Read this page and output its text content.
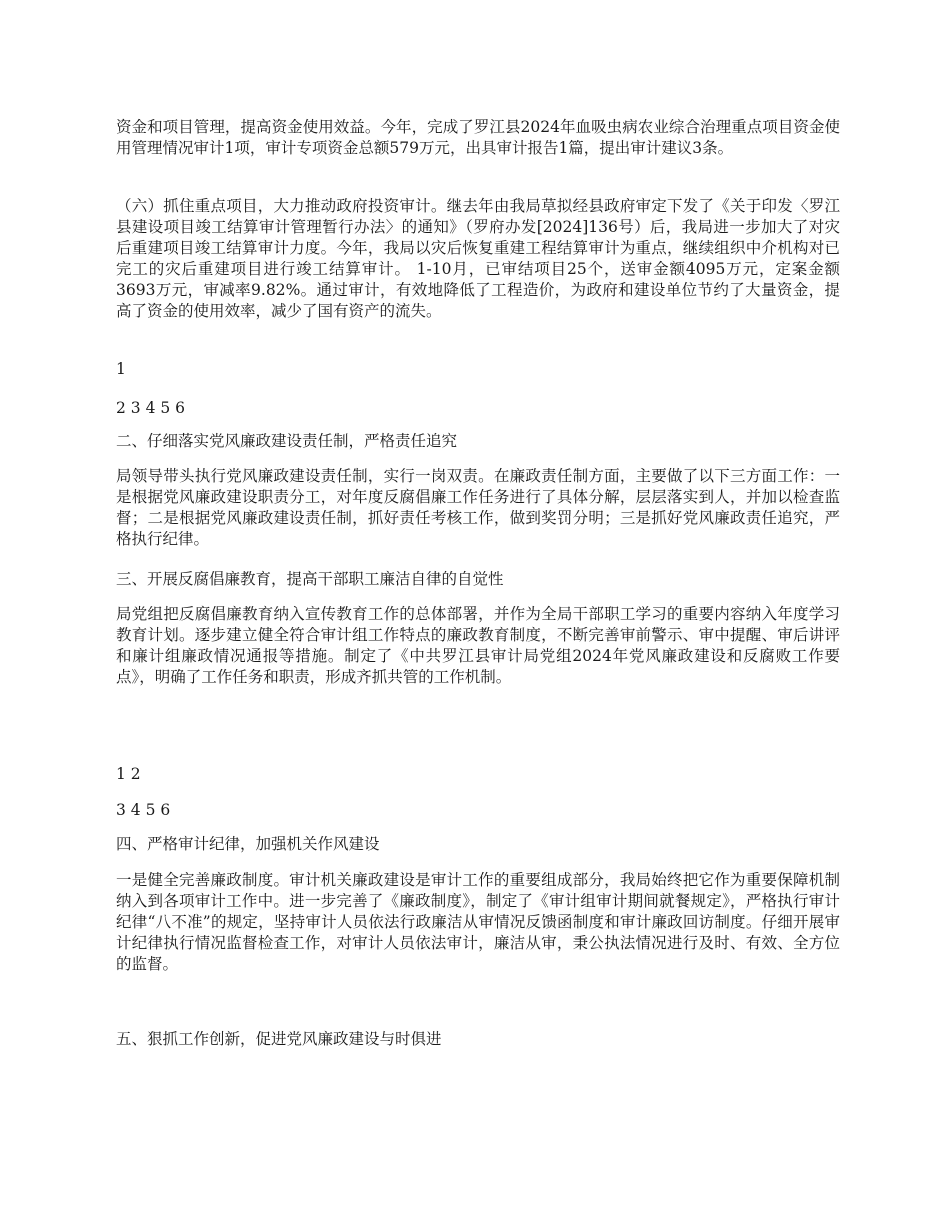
资金和项目管理，提高资金使用效益。今年，完成了罗江县2024年血吸虫病农业综合治理重点项目资金使用管理情况审计1项，审计专项资金总额579万元，出具审计报告1篇，提出审计建议3条。

（六）抓住重点项目，大力推动政府投资审计。继去年由我局草拟经县政府审定下发了《关于印发〈罗江县建设项目竣工结算审计管理暂行办法〉的通知》（罗府办发[2024]136号）后，我局进一步加大了对灾后重建项目竣工结算审计力度。今年，我局以灾后恢复重建工程结算审计为重点，继续组织中介机构对已完工的灾后重建项目进行竣工结算审计。 1-10月，已审结项目25个，送审金额4095万元，定案金额3693万元，审减率9.82%。通过审计，有效地降低了工程造价，为政府和建设单位节约了大量资金，提高了资金的使用效率，减少了国有资产的流失。

1

2 3 4 5 6

二、仔细落实党风廉政建设责任制，严格责任追究

局领导带头执行党风廉政建设责任制，实行一岗双责。在廉政责任制方面，主要做了以下三方面工作：一是根据党风廉政建设职责分工，对年度反腐倡廉工作任务进行了具体分解，层层落实到人，并加以检查监督；二是根据党风廉政建设责任制，抓好责任考核工作，做到奖罚分明；三是抓好党风廉政责任追究，严格执行纪律。

三、开展反腐倡廉教育，提高干部职工廉洁自律的自觉性

局党组把反腐倡廉教育纳入宣传教育工作的总体部署，并作为全局干部职工学习的重要内容纳入年度学习教育计划。逐步建立健全符合审计组工作特点的廉政教育制度，不断完善审前警示、审中提醒、审后讲评和廉计组廉政情况通报等措施。制定了《中共罗江县审计局党组2024年党风廉政建设和反腐败工作要点》，明确了工作任务和职责，形成齐抓共管的工作机制。

1 2

3 4 5 6

四、严格审计纪律，加强机关作风建设

一是健全完善廉政制度。审计机关廉政建设是审计工作的重要组成部分，我局始终把它作为重要保障机制纳入到各项审计工作中。进一步完善了《廉政制度》，制定了《审计组审计期间就餐规定》，严格执行审计纪律“八不准”的规定，坚持审计人员依法行政廉洁从审情况反馈函制度和审计廉政回访制度。仔细开展审计纪律执行情况监督检查工作，对审计人员依法审计，廉洁从审，秉公执法情况进行及时、有效、全方位的监督。

五、狠抓工作创新，促进党风廉政建设与时俱进
